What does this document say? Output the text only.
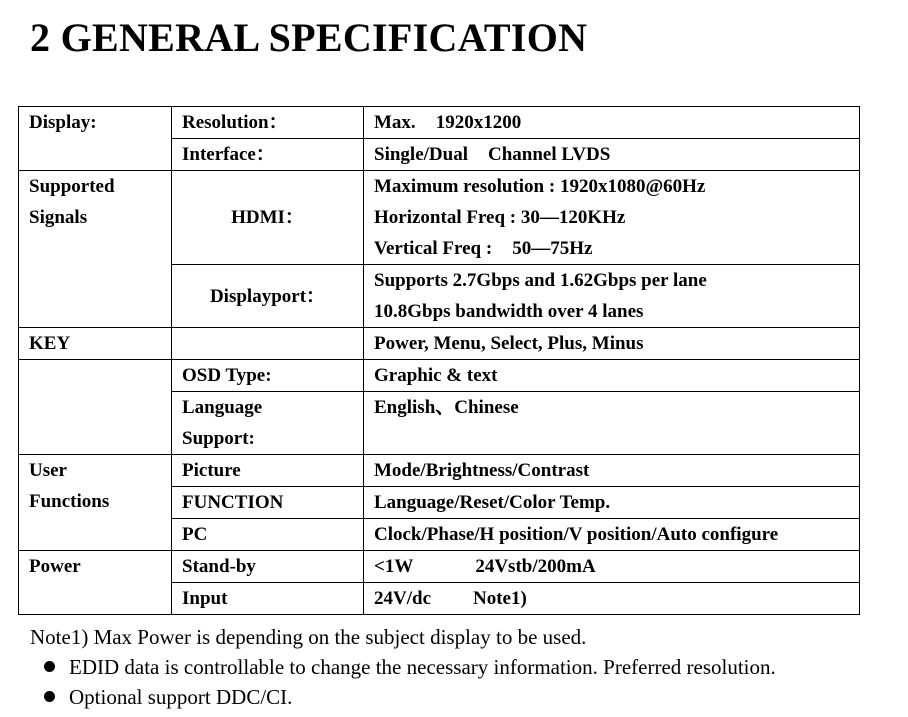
2 GENERAL SPECIFICATION
Display:	Resolution：	Max. 1920x1200
	Interface：	Single/Dual Channel LVDS

Supported
Signals	HDMI：	Maximum resolution : 1920x1080@60Hz
Horizontal Freq : 30—120KHz
Vertical Freq : 50—75Hz

	Displayport：	Supports 2.7Gbps and 1.62Gbps per lane
10.8Gbps bandwidth over 4 lanes

KEY		Power, Menu, Select, Plus, Minus
	OSD Type:	Graphic & text

	Language
Support:	English、Chinese

User
Functions	Picture	Mode/Brightness/Contrast
	FUNCTION	Language/Reset/Color Temp.
	PC	Clock/Phase/H position/V position/Auto configure
Power	Stand-by	<1W 24Vstb/200mA
	Input	24V/dc Note1)
Note1) Max Power is depending on the subject display to be used.
EDID data is controllable to change the necessary information. Preferred resolution.
Optional support DDC/CI.
